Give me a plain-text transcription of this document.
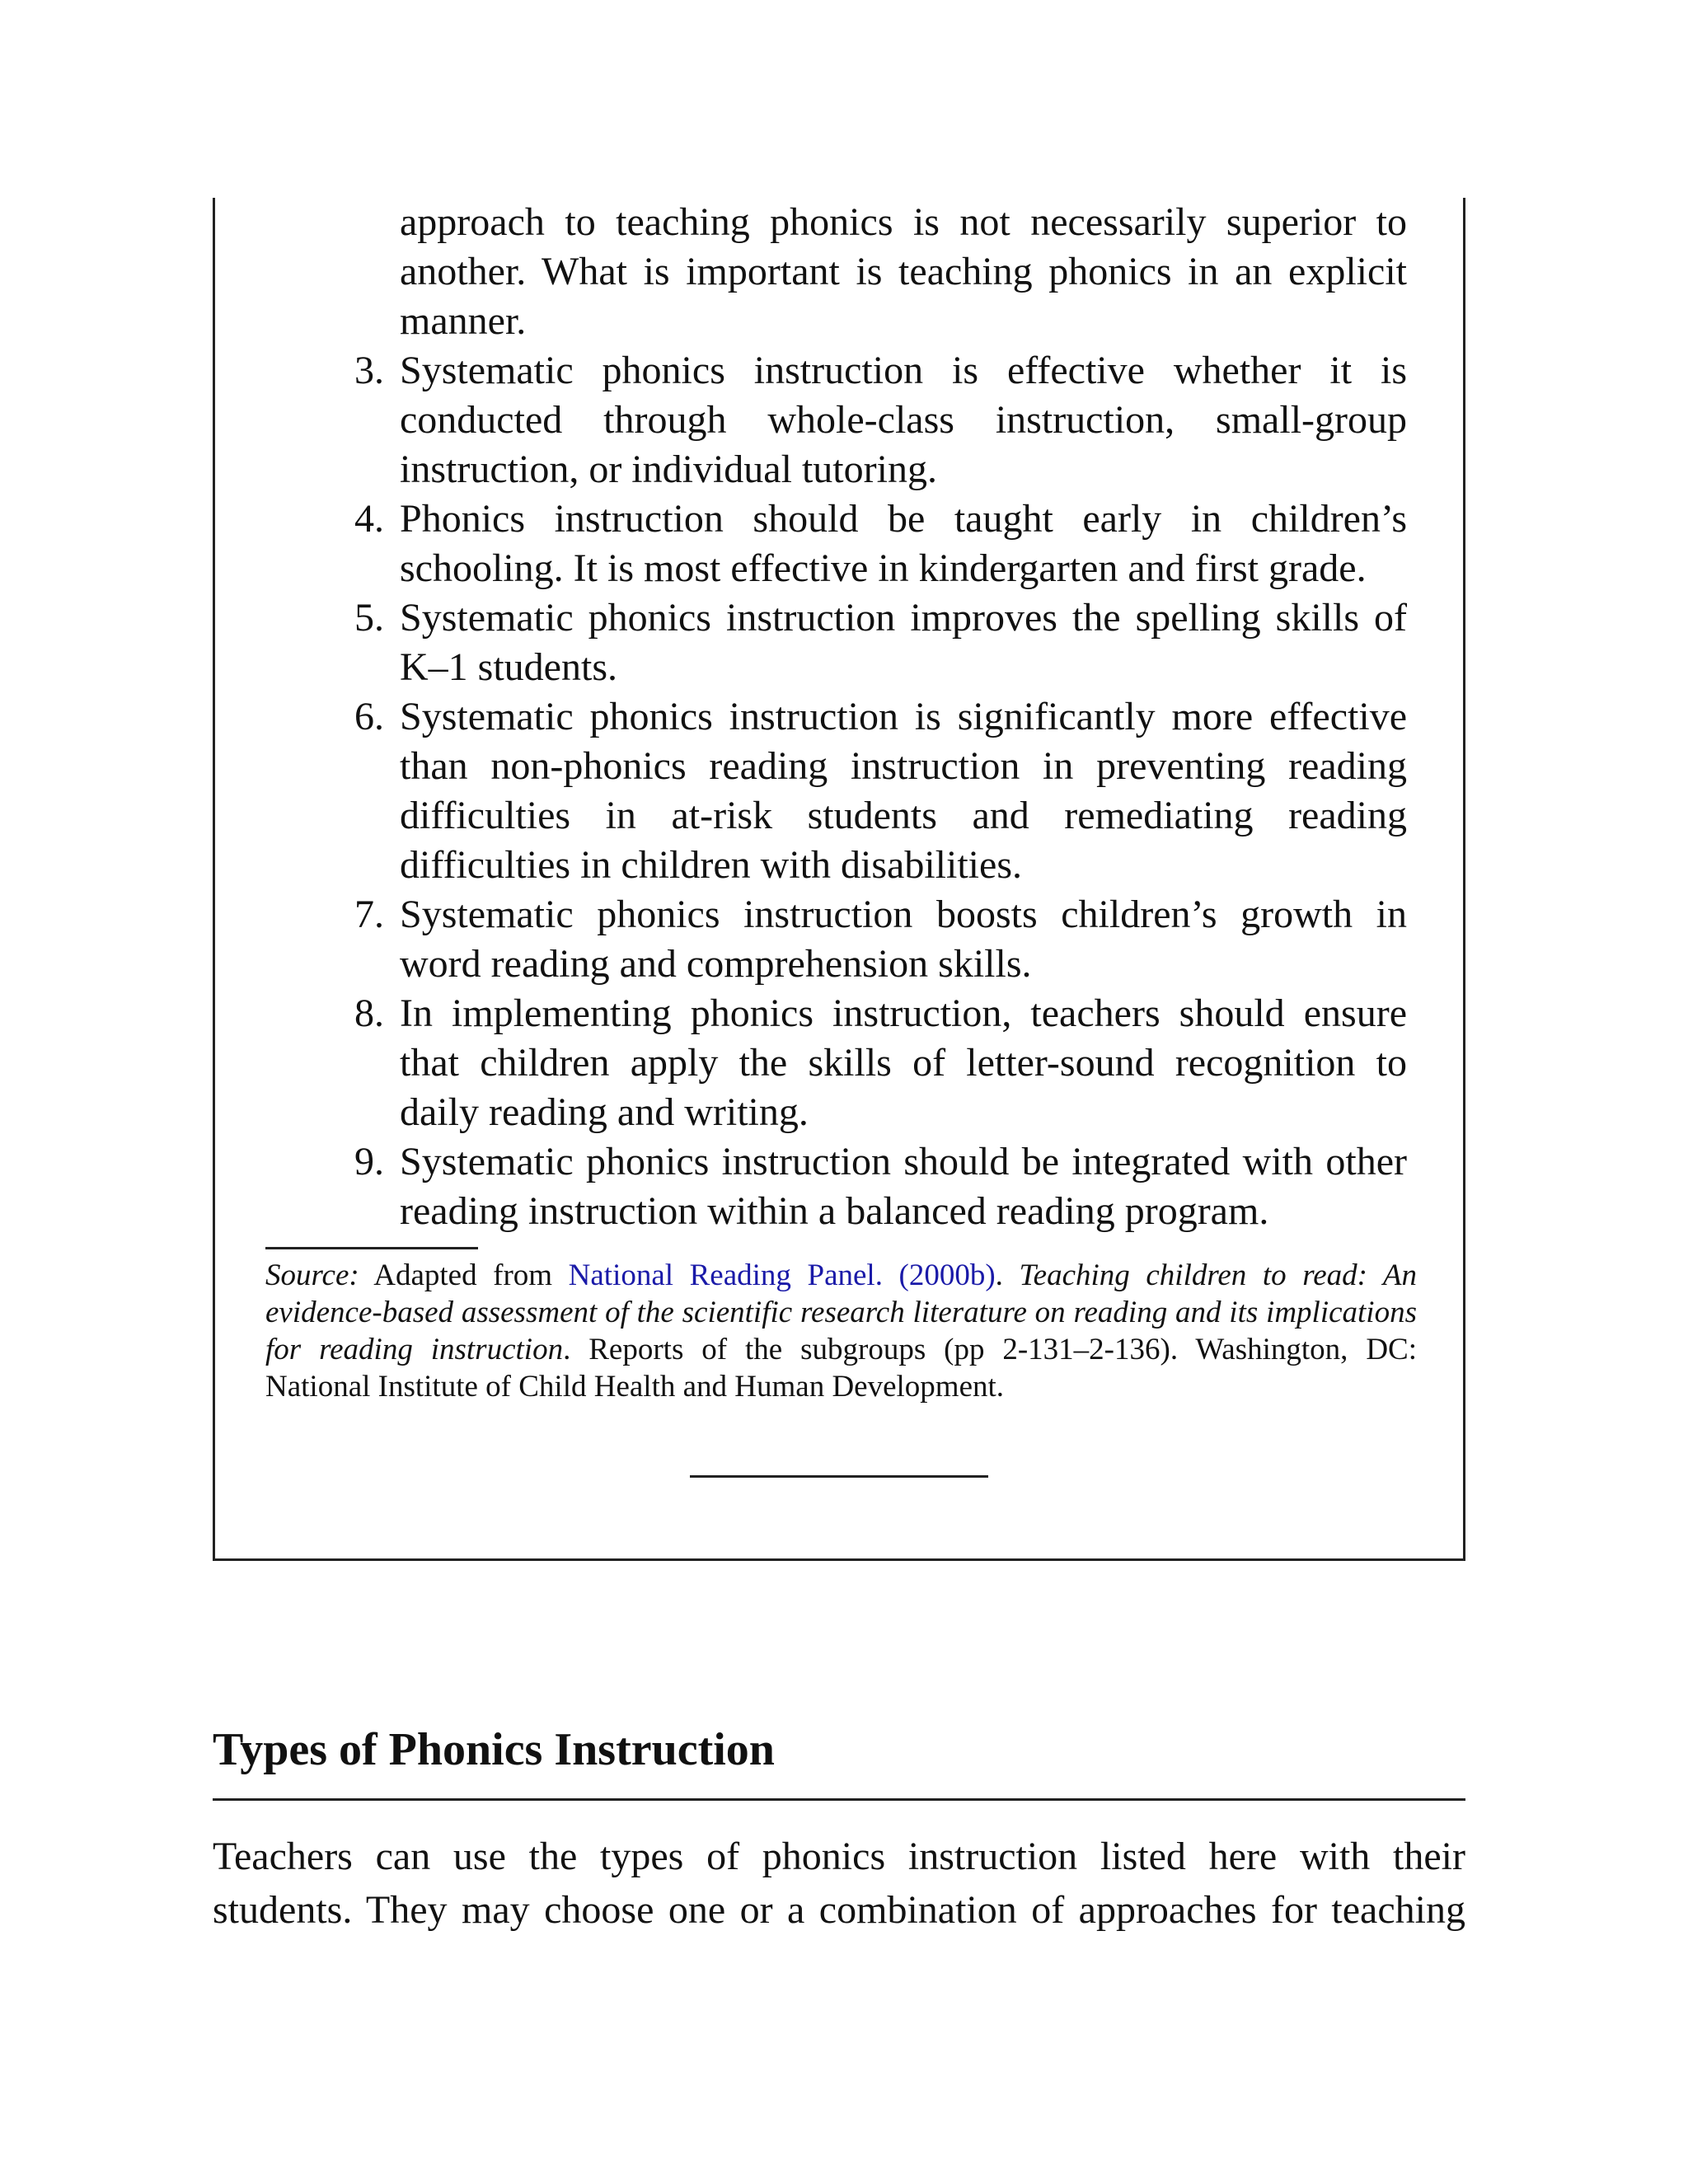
approach to teaching phonics is not necessarily superior to

another. What is important is teaching phonics in an explicit

manner.

3. Systematic phonics instruction is effective whether it is conducted through whole-class instruction, small-group instruction, or individual tutoring.
4. Phonics instruction should be taught early in children’s schooling. It is most effective in kindergarten and first grade.
5. Systematic phonics instruction improves the spelling skills of K–1 students.
6. Systematic phonics instruction is significantly more effective than non-phonics reading instruction in preventing reading difficulties in at-risk students and remediating reading difficulties in children with disabilities.
7. Systematic phonics instruction boosts children’s growth in word reading and comprehension skills.
8. In implementing phonics instruction, teachers should ensure that children apply the skills of letter-sound recognition to daily reading and writing.
9. Systematic phonics instruction should be integrated with other reading instruction within a balanced reading program.

Source: Adapted from National Reading Panel. (2000b). Teaching children to read: An evidence-based assessment of the scientific research literature on reading and its implications for reading instruction. Reports of the subgroups (pp 2-131–2-136). Washington, DC: National Institute of Child Health and Human Development.

Types of Phonics Instruction

Teachers can use the types of phonics instruction listed here with their students. They may choose one or a combination of approaches for teaching
